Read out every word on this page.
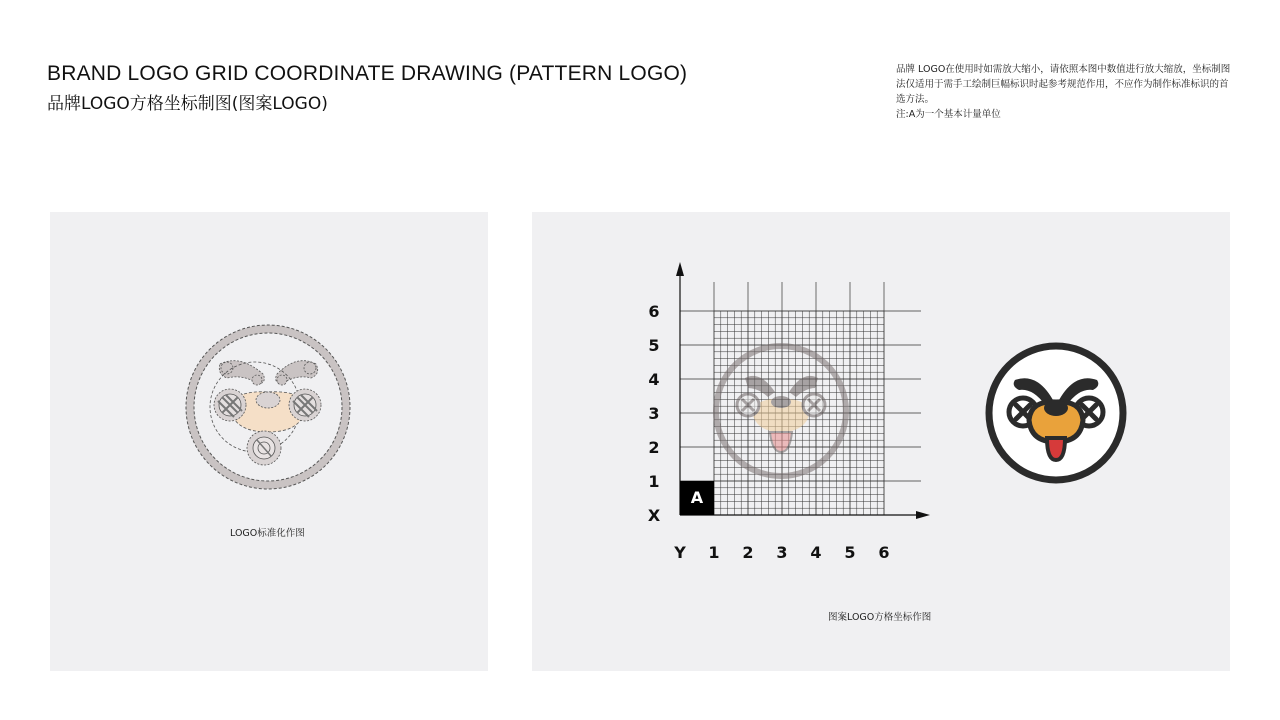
BRAND LOGO GRID COORDINATE DRAWING (PATTERN LOGO)
品牌LOGO方格坐标制图(图案LOGO)

品牌 LOGO在使用时如需放大缩小，请依照本图中数值进行放大缩放，坐标制图法仅适用于需手工绘制巨幅标识时起参考规范作用，不应作为制作标准标识的首选方法。

注:A为一个基本计量单位

LOGO标准化作图
A
X
1
2
3
4
5
6
Y 1 2 3 4 5 6
图案LOGO方格坐标作图
